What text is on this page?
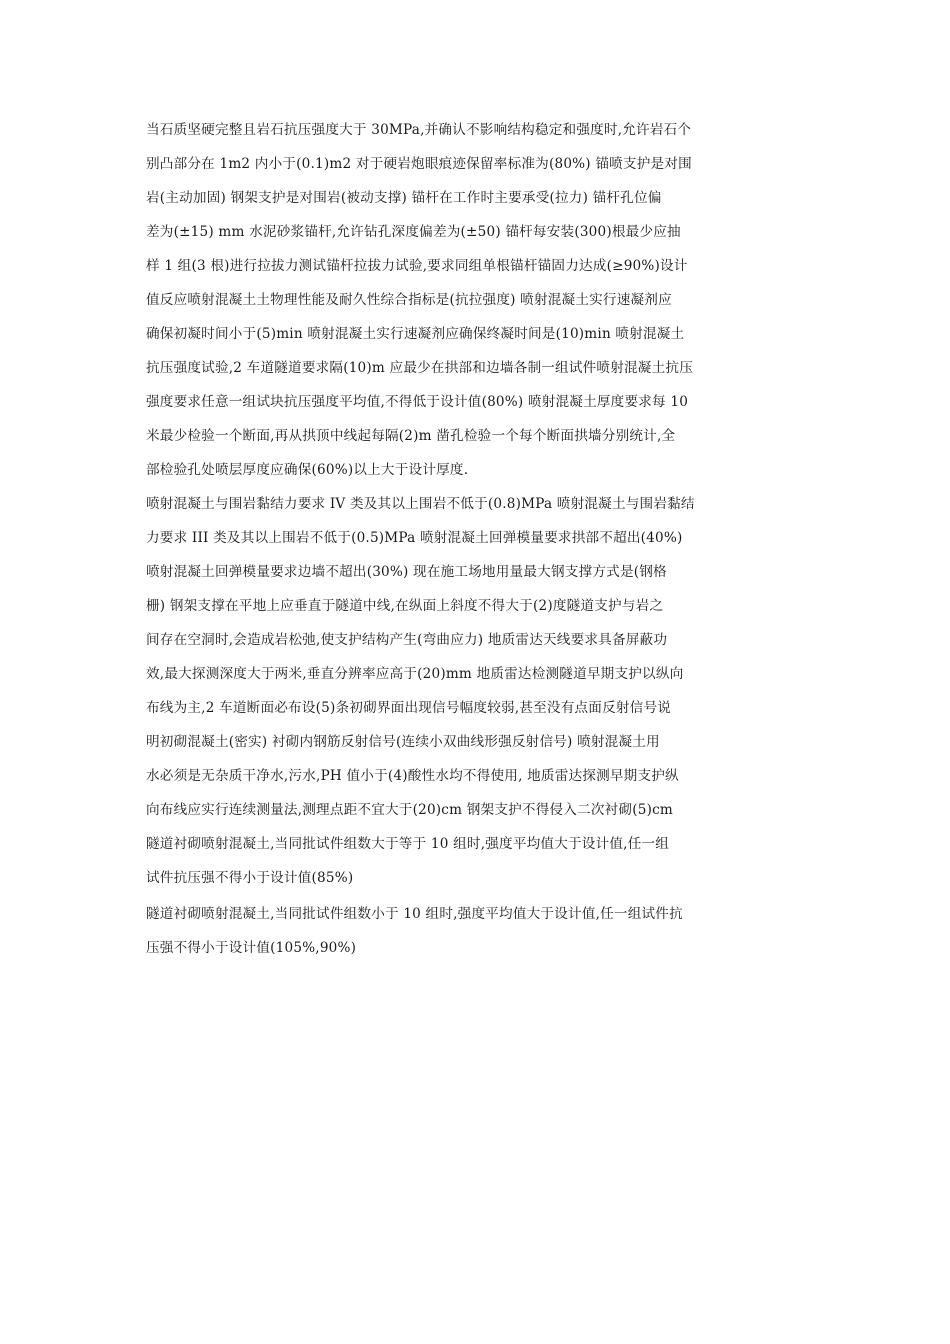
当石质坚硬完整且岩石抗压强度大于 30MPa,并确认不影响结构稳定和强度时,允许岩石个
别凸部分在 1m2 内小于(0.1)m2 对于硬岩炮眼痕迹保留率标准为(80%) 锚喷支护是对围
岩(主动加固) 钢架支护是对围岩(被动支撑) 锚杆在工作时主要承受(拉力) 锚杆孔位偏
差为(±15) mm 水泥砂浆锚杆,允许钻孔深度偏差为(±50) 锚杆每安装(300)根最少应抽
样 1 组(3 根)进行拉拔力测试锚杆拉拔力试验,要求同组单根锚杆锚固力达成(≥90%)设计
值反应喷射混凝土土物理性能及耐久性综合指标是(抗拉强度) 喷射混凝土实行速凝剂应
确保初凝时间小于(5)min 喷射混凝土实行速凝剂应确保终凝时间是(10)min 喷射混凝土
抗压强度试验,2 车道隧道要求隔(10)m 应最少在拱部和边墙各制一组试件喷射混凝土抗压
强度要求任意一组试块抗压强度平均值,不得低于设计值(80%) 喷射混凝土厚度要求每 10
米最少检验一个断面,再从拱顶中线起每隔(2)m 凿孔检验一个每个断面拱墙分别统计,全
部检验孔处喷层厚度应确保(60%)以上大于设计厚度.
喷射混凝土与围岩黏结力要求 IV 类及其以上围岩不低于(0.8)MPa 喷射混凝土与围岩黏结
力要求 III 类及其以上围岩不低于(0.5)MPa 喷射混凝土回弹模量要求拱部不超出(40%)
喷射混凝土回弹模量要求边墙不超出(30%) 现在施工场地用量最大钢支撑方式是(钢格
栅) 钢架支撑在平地上应垂直于隧道中线,在纵面上斜度不得大于(2)度隧道支护与岩之
间存在空洞时,会造成岩松弛,使支护结构产生(弯曲应力) 地质雷达天线要求具备屏蔽功
效,最大探测深度大于两米,垂直分辨率应高于(20)mm 地质雷达检测隧道早期支护以纵向
布线为主,2 车道断面必布设(5)条初砌界面出现信号幅度较弱,甚至没有点面反射信号说
明初砌混凝土(密实) 衬砌内钢筋反射信号(连续小双曲线形强反射信号) 喷射混凝土用
水必须是无杂质干净水,污水,PH 值小于(4)酸性水均不得使用, 地质雷达探测早期支护纵
向布线应实行连续测量法,测理点距不宜大于(20)cm 钢架支护不得侵入二次衬砌(5)cm
隧道衬砌喷射混凝土,当同批试件组数大于等于 10 组时,强度平均值大于设计值,任一组
试件抗压强不得小于设计值(85%)
隧道衬砌喷射混凝土,当同批试件组数小于 10 组时,强度平均值大于设计值,任一组试件抗
压强不得小于设计值(105%,90%)
